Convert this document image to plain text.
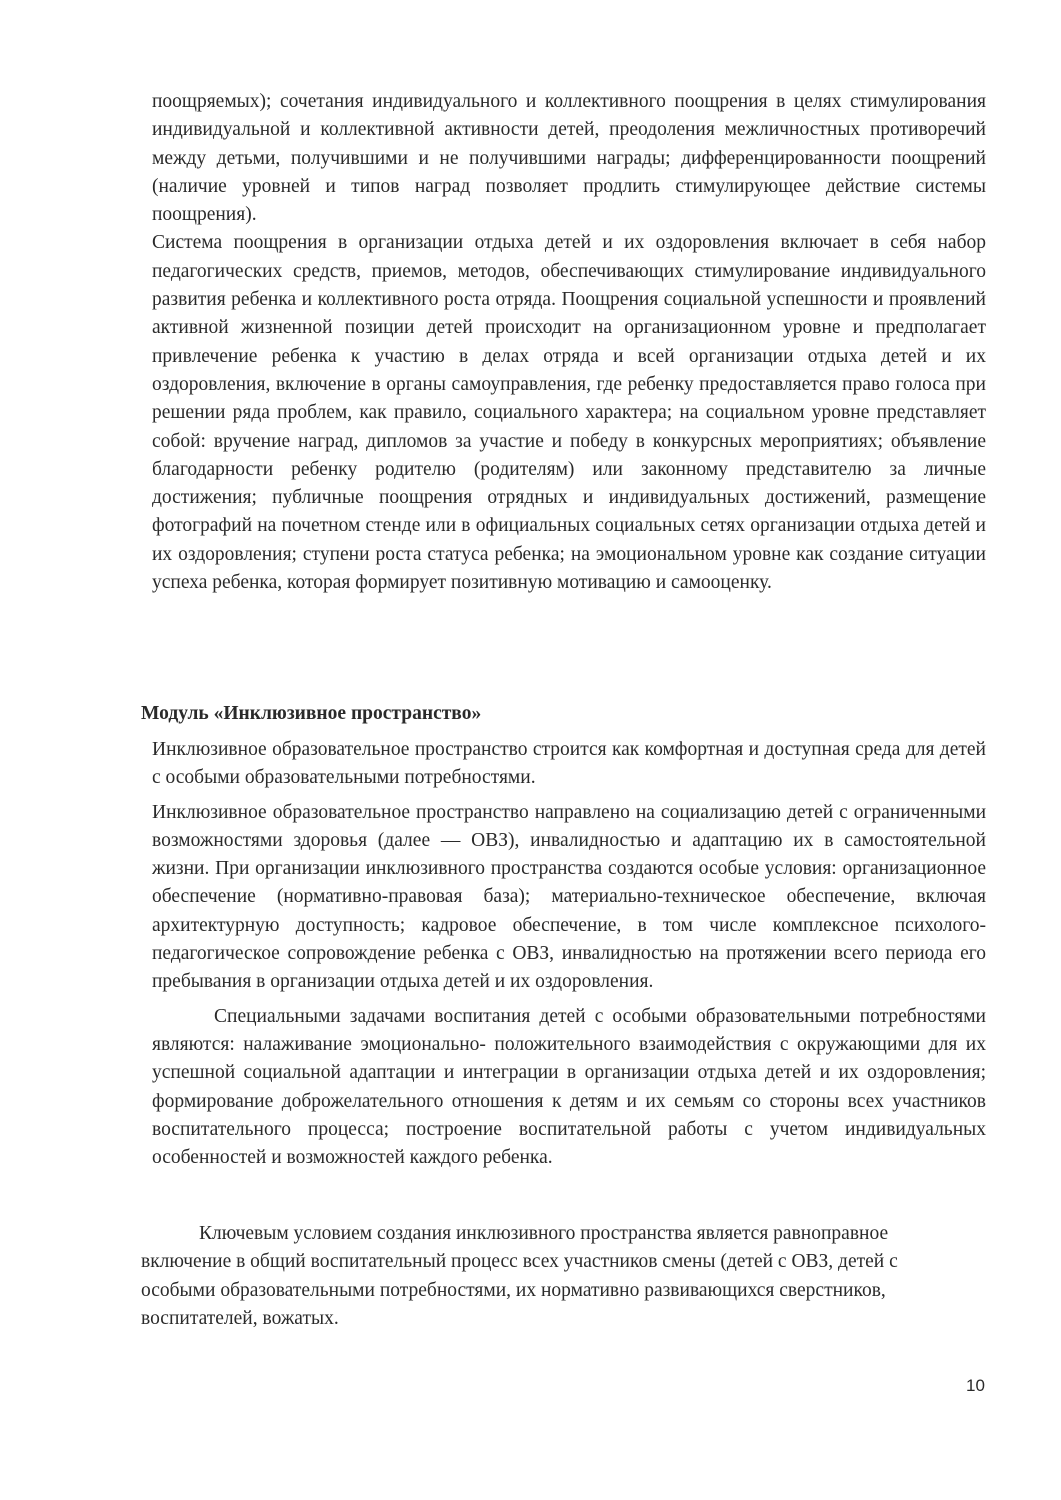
поощряемых); сочетания индивидуального и коллективного поощрения в целях стимулирования индивидуальной и коллективной активности детей, преодоления межличностных противоречий между детьми, получившими и не получившими награды; дифференцированности поощрений (наличие уровней и типов наград позволяет продлить стимулирующее действие системы поощрения).

Система поощрения в организации отдыха детей и их оздоровления включает в себя набор педагогических средств, приемов, методов, обеспечивающих стимулирование индивидуального развития ребенка и коллективного роста отряда. Поощрения социальной успешности и проявлений активной жизненной позиции детей происходит на организационном уровне и предполагает привлечение ребенка к участию в делах отряда и всей организации отдыха детей и их оздоровления, включение в органы самоуправления, где ребенку предоставляется право голоса при решении ряда проблем, как правило, социального характера; на социальном уровне представляет собой: вручение наград, дипломов за участие и победу в конкурсных мероприятиях; объявление благодарности ребенку родителю (родителям) или законному представителю за личные достижения; публичные поощрения отрядных и индивидуальных достижений, размещение фотографий на почетном стенде или в официальных социальных сетях организации отдыха детей и их оздоровления; ступени роста статуса ребенка; на эмоциональном уровне как создание ситуации успеха ребенка, которая формирует позитивную мотивацию и самооценку.

Модуль «Инклюзивное пространство»

Инклюзивное образовательное пространство строится как комфортная и доступная среда для детей с особыми образовательными потребностями.

Инклюзивное образовательное пространство направлено на социализацию детей с ограниченными возможностями здоровья (далее — ОВЗ), инвалидностью и адаптацию их в самостоятельной жизни. При организации инклюзивного пространства создаются особые условия: организационное обеспечение (нормативно-правовая база); материально-техническое обеспечение, включая архитектурную доступность; кадровое обеспечение, в том числе комплексное психолого-педагогическое сопровождение ребенка с ОВЗ, инвалидностью на протяжении всего периода его пребывания в организации отдыха детей и их оздоровления.

Специальными задачами воспитания детей с особыми образовательными потребностями являются: налаживание эмоционально- положительного взаимодействия с окружающими для их успешной социальной адаптации и интеграции в организации отдыха детей и их оздоровления; формирование доброжелательного отношения к детям и их семьям со стороны всех участников воспитательного процесса; построение воспитательной работы с учетом индивидуальных особенностей и возможностей каждого ребенка.

Ключевым условием создания инклюзивного пространства является равноправное включение в общий воспитательный процесс всех участников смены (детей с ОВЗ, детей с особыми образовательными потребностями, их нормативно развивающихся сверстников, воспитателей, вожатых.

10
